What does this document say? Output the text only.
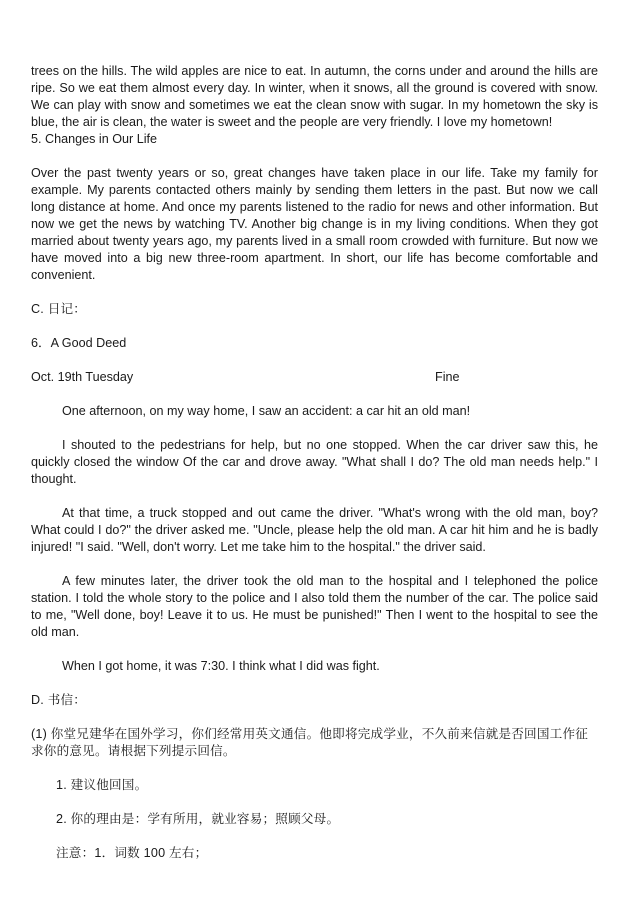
trees on the hills. The wild apples are nice to eat. In autumn, the corns under and around the hills are ripe. So we eat them almost every day. In winter, when it snows, all the ground is covered with snow. We can play with snow and sometimes we eat the clean snow with sugar. In my hometown the sky is blue, the air is clean, the water is sweet and the people are very friendly. I love my hometown!

5. Changes in Our Life

Over the past twenty years or so, great changes have taken place in our life. Take my family for example. My parents contacted others mainly by sending them letters in the past. But now we call long distance at home. And once my parents listened to the radio for news and other information. But now we get the news by watching TV. Another big change is in my living conditions. When they got married about twenty years ago, my parents lived in a small room crowded with furniture. But now we have moved into a big new three-room apartment. In short, our life has become comfortable and convenient.

C. 日记：

6．A Good Deed

Oct. 19th Tuesday	Fine

One afternoon, on my way home, I saw an accident: a car hit an old man!

I shouted to the pedestrians for help, but no one stopped. When the car driver saw this, he quickly closed the window Of the car and drove away. "What shall I do? The old man needs help." I thought.

At that time, a truck stopped and out came the driver. "What's wrong with the old man, boy? What could I do?" the driver asked me. "Uncle, please help the old man. A car hit him and he is badly injured! "I said. "Well, don't worry. Let me take him to the hospital." the driver said.

A few minutes later, the driver took the old man to the hospital and I telephoned the police station. I told the whole story to the police and I also told them the number of the car. The police said to me, "Well done, boy! Leave it to us. He must be punished!" Then I went to the hospital to see the old man.

When I got home, it was 7:30. I think what I did was fight.

D. 书信：

(1) 你堂兄建华在国外学习，你们经常用英文通信。他即将完成学业，不久前来信就是否回国工作征求你的意见。请根据下列提示回信。

1. 建议他回国。

2. 你的理由是：学有所用，就业容易；照顾父母。

注意：1．词数 100 左右；
